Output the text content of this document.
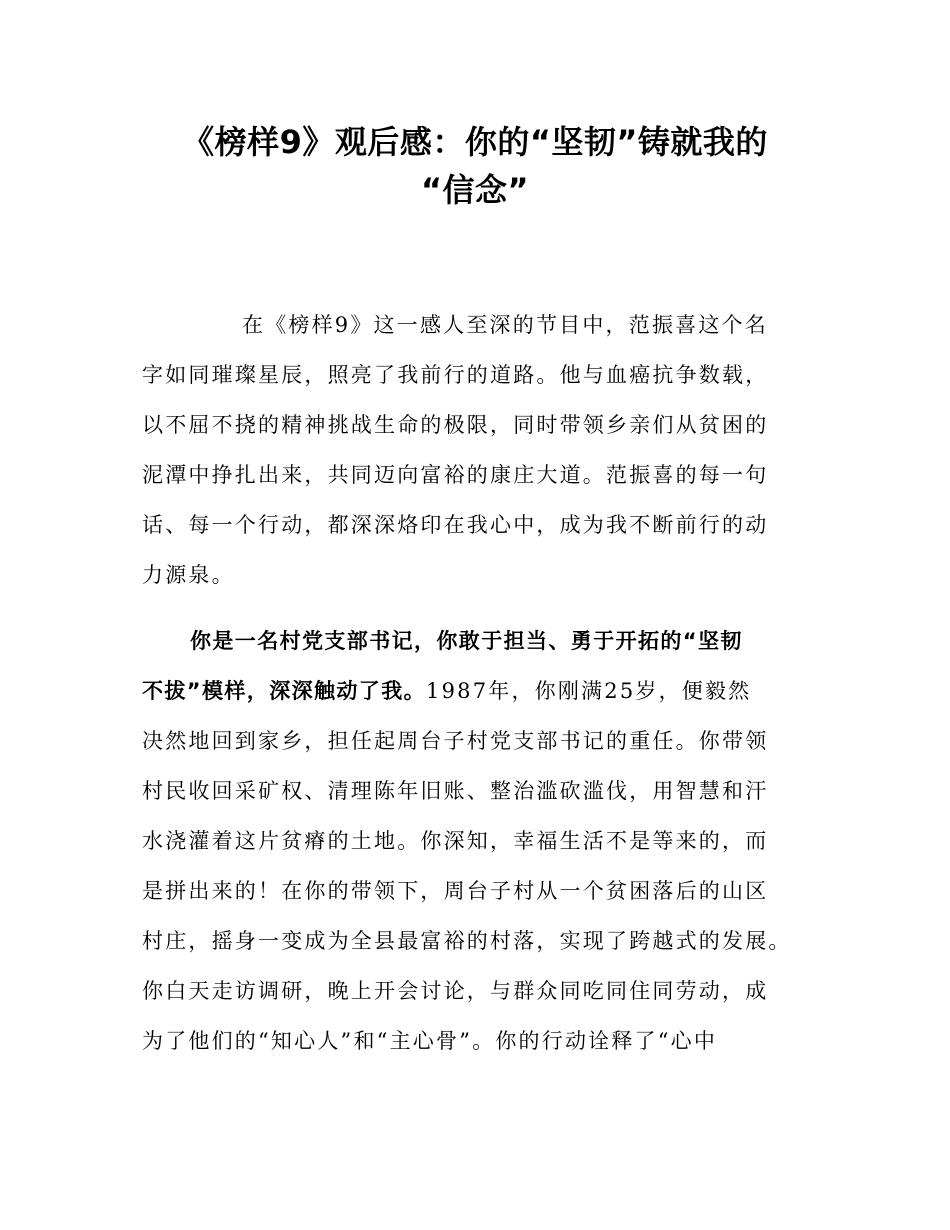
《榜样9》观后感：你的“坚韧”铸就我的
“信念”
在《榜样9》这一感人至深的节目中，范振喜这个名
字如同璀璨星辰，照亮了我前行的道路。他与血癌抗争数载，
以不屈不挠的精神挑战生命的极限，同时带领乡亲们从贫困的
泥潭中挣扎出来，共同迈向富裕的康庄大道。范振喜的每一句
话、每一个行动，都深深烙印在我心中，成为我不断前行的动
力源泉。
你是一名村党支部书记，你敢于担当、勇于开拓的“坚韧
不拔”模样，深深触动了我。1987年，你刚满25岁，便毅然
决然地回到家乡，担任起周台子村党支部书记的重任。你带领
村民收回采矿权、清理陈年旧账、整治滥砍滥伐，用智慧和汗
水浇灌着这片贫瘠的土地。你深知，幸福生活不是等来的，而
是拼出来的！在你的带领下，周台子村从一个贫困落后的山区
村庄，摇身一变成为全县最富裕的村落，实现了跨越式的发展。
你白天走访调研，晚上开会讨论，与群众同吃同住同劳动，成
为了他们的“知心人”和“主心骨”。你的行动诠释了“心中
